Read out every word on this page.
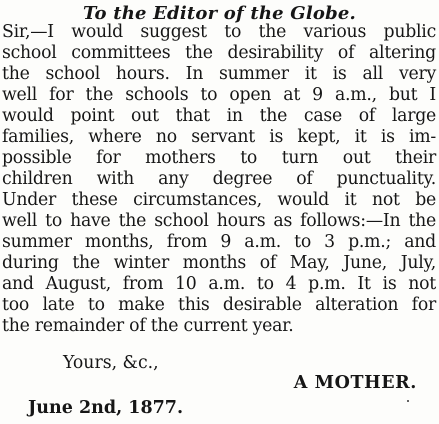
To the Editor of the Globe.
Sir,—I would suggest to the various public
school committees the desirability of altering
the school hours. In summer it is all very
well for the schools to open at 9 a.m., but I
would point out that in the case of large
families, where no servant is kept, it is im-
possible for mothers to turn out their
children with any degree of punctuality.
Under these circumstances, would it not be
well to have the school hours as follows:—In the
summer months, from 9 a.m. to 3 p.m.; and
during the winter months of May, June, July,
and August, from 10 a.m. to 4 p.m. It is not
too late to make this desirable alteration for
the remainder of the current year.
Yours, &c.,
A MOTHER.
June 2nd, 1877.
